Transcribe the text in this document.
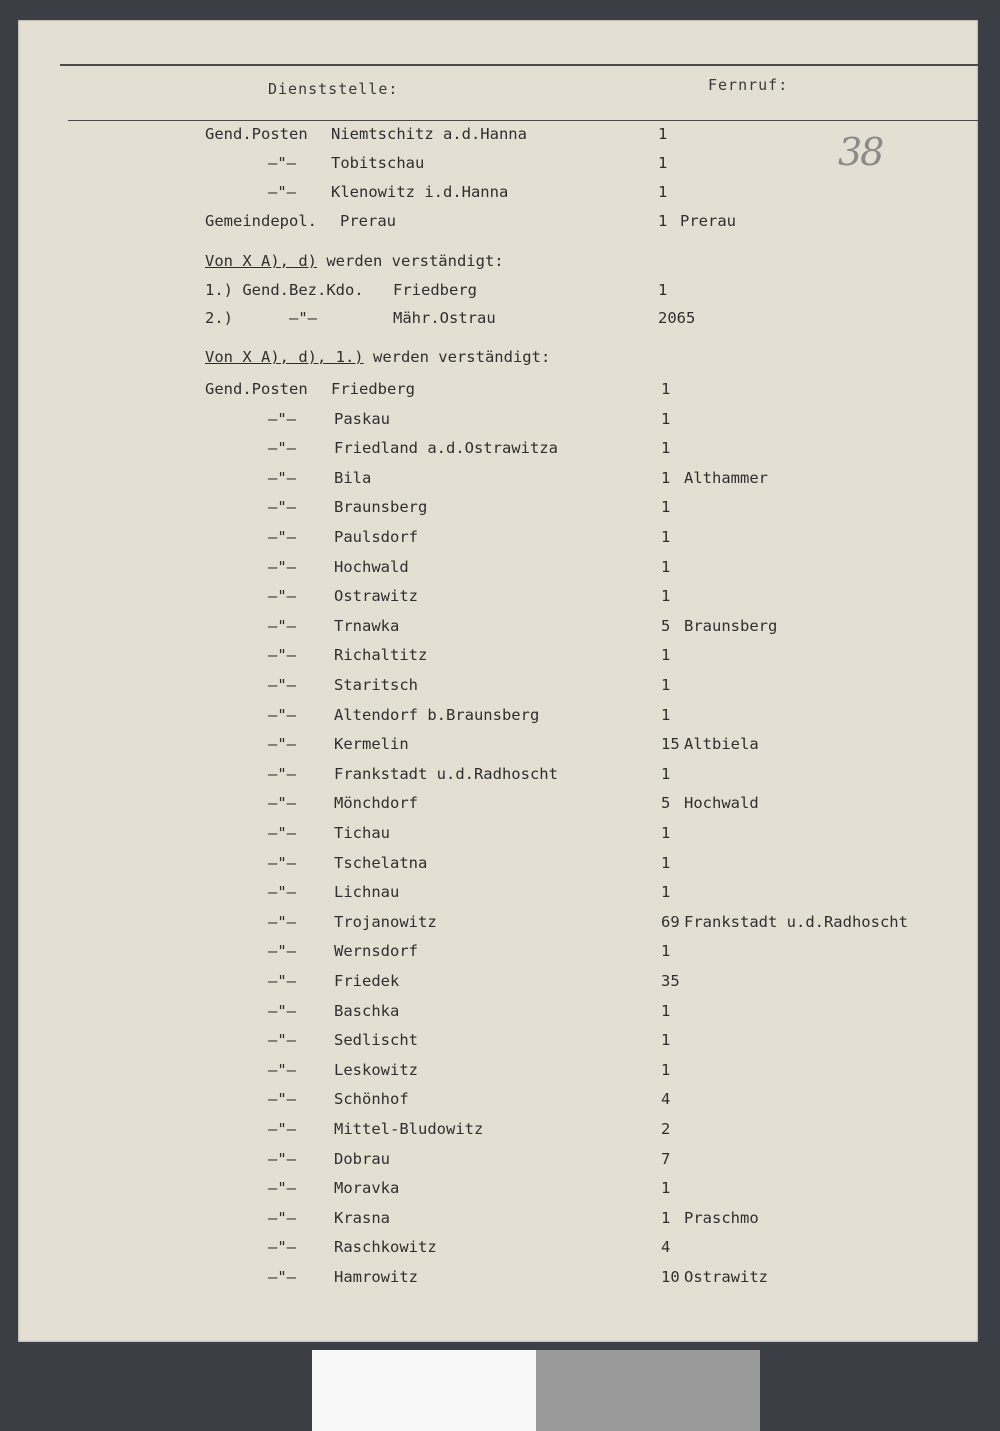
Dienststelle:	Fernruf:
38
Gend.Posten Niemtschitz a.d.Hanna	1
–"– Tobitschau	1
–"– Klenowitz i.d.Hanna	1
Gemeindepol. Prerau	1 Prerau
Von X A), d) werden verständigt:
1.) Gend.Bez.Kdo. Friedberg	1
2.)      –"–	Mähr.Ostrau	2065
Von X A), d), 1.) werden verständigt:
Gend.Posten Friedberg	1
–"– Paskau	1
–"– Friedland a.d.Ostrawitza	1
–"– Bila	1 Althammer
–"– Braunsberg	1
–"– Paulsdorf	1
–"– Hochwald	1
–"– Ostrawitz	1
–"– Trnawka	5 Braunsberg
–"– Richaltitz	1
–"– Staritsch	1
–"– Altendorf b.Braunsberg	1
–"– Kermelin	15 Altbiela
–"– Frankstadt u.d.Radhoscht	1
–"– Mönchdorf	5 Hochwald
–"– Tichau	1
–"– Tschelatna	1
–"– Lichnau	1
–"– Trojanowitz	69 Frankstadt u.d.Radhoscht
–"– Wernsdorf	1
–"– Friedek	35
–"– Baschka	1
–"– Sedlischt	1
–"– Leskowitz	1
–"– Schönhof	4
–"– Mittel-Bludowitz	2
–"– Dobrau	7
–"– Moravka	1
–"– Krasna	1 Praschmo
–"– Raschkowitz	4
–"– Hamrowitz	10 Ostrawitz
